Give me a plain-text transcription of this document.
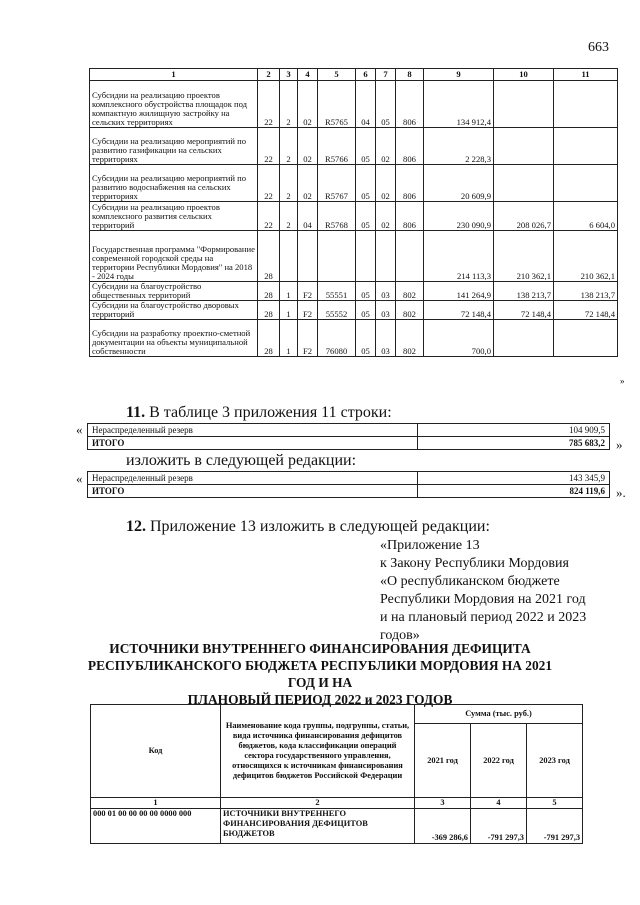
663
1	2	3	4	5	6	7	8	9	10	11
Субсидии на реализацию проектов комплексного обустройства площадок под компактную жилищную застройку на сельских территориях	22	2	02	R5765	04	05	806	134 912,4		
Субсидии на реализацию мероприятий по развитию газификации на сельских территориях	22	2	02	R5766	05	02	806	2 228,3		
Субсидии на реализацию мероприятий по развитию водоснабжения на сельских территориях	22	2	02	R5767	05	02	806	20 609,9		
Субсидии на реализацию проектов комплексного развития сельских территорий	22	2	04	R5768	05	02	806	230 090,9	208 026,7	6 604,0
Государственная программа "Формирование современной городской среды на территории Республики Мордовия" на 2018 - 2024 годы	28							214 113,3	210 362,1	210 362,1
Субсидии на благоустройство общественных территорий	28	1	F2	55551	05	03	802	141 264,9	138 213,7	138 213,7
Субсидии на благоустройство дворовых территорий	28	1	F2	55552	05	03	802	72 148,4	72 148,4	72 148,4
Субсидии на разработку проектно-сметной документации на объекты муниципальной собственности	28	1	F2	76080	05	03	802	700,0		
»
11. В таблице 3 приложения 11 строки:
« Нераспределенный резерв	104 909,5
ИТОГО	785 683,2 »
изложить в следующей редакции:
« Нераспределенный резерв	143 345,9
ИТОГО	824 119,6 ».
12. Приложение 13 изложить в следующей редакции:
«Приложение 13
к Закону Республики Мордовия
«О республиканском бюджете
Республики Мордовия на 2021 год
и на плановый период 2022 и 2023
годов»
ИСТОЧНИКИ ВНУТРЕННЕГО ФИНАНСИРОВАНИЯ ДЕФИЦИТА
РЕСПУБЛИКАНСКОГО БЮДЖЕТА РЕСПУБЛИКИ МОРДОВИЯ НА 2021 ГОД И НА
ПЛАНОВЫЙ ПЕРИОД 2022 и 2023 ГОДОВ
Код	Наименование кода группы, подгруппы, статьи, вида источника финансирования дефицитов бюджетов, кода классификации операций сектора государственного управления, относящихся к источникам финансирования дефицитов бюджетов Российской Федерации	Сумма (тыс. руб.)		
		2021 год	2022 год	2023 год
1	2	3	4	5
000 01 00 00 00 00 0000 000	ИСТОЧНИКИ ВНУТРЕННЕГО ФИНАНСИРОВАНИЯ ДЕФИЦИТОВ БЮДЖЕТОВ	-369 286,6	-791 297,3	-791 297,3
